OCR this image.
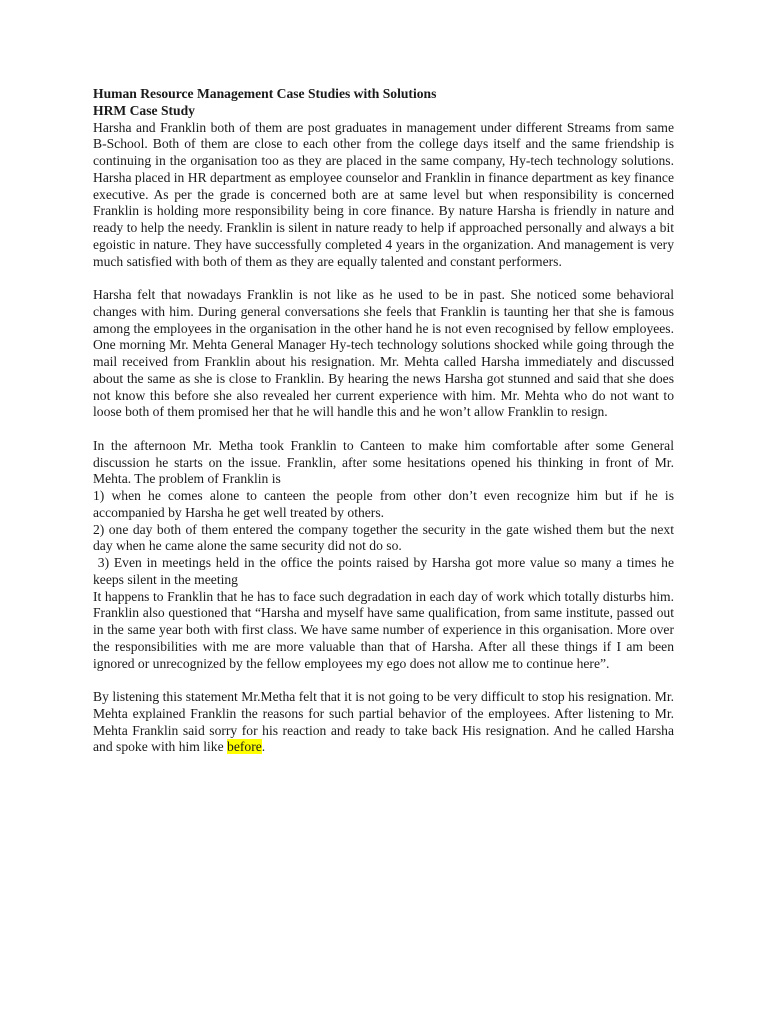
Human Resource Management Case Studies with Solutions

HRM Case Study

Harsha and Franklin both of them are post graduates in management under different Streams from same B-School. Both of them are close to each other from the college days itself and the same friendship is continuing in the organisation too as they are placed in the same company, Hy-tech technology solutions. Harsha placed in HR department as employee counselor and Franklin in finance department as key finance executive. As per the grade is concerned both are at same level but when responsibility is concerned Franklin is holding more responsibility being in core finance. By nature Harsha is friendly in nature and ready to help the needy. Franklin is silent in nature ready to help if approached personally and always a bit egoistic in nature. They have successfully completed 4 years in the organization. And management is very much satisfied with both of them as they are equally talented and constant performers.

Harsha felt that nowadays Franklin is not like as he used to be in past. She noticed some behavioral changes with him. During general conversations she feels that Franklin is taunting her that she is famous among the employees in the organisation in the other hand he is not even recognised by fellow employees. One morning Mr. Mehta General Manager Hy-tech technology solutions shocked while going through the mail received from Franklin about his resignation. Mr. Mehta called Harsha immediately and discussed about the same as she is close to Franklin. By hearing the news Harsha got stunned and said that she does not know this before she also revealed her current experience with him. Mr. Mehta who do not want to loose both of them promised her that he will handle this and he won’t allow Franklin to resign.

In the afternoon Mr. Metha took Franklin to Canteen to make him comfortable after some General discussion he starts on the issue. Franklin, after some hesitations opened his thinking in front of Mr. Mehta. The problem of Franklin is

1) when he comes alone to canteen the people from other don’t even recognize him but if he is accompanied by Harsha he get well treated by others.

2) one day both of them entered the company together the security in the gate wished them but the next day when he came alone the same security did not do so.

3) Even in meetings held in the office the points raised by Harsha got more value so many a times he keeps silent in the meeting

It happens to Franklin that he has to face such degradation in each day of work which totally disturbs him. Franklin also questioned that “Harsha and myself have same qualification, from same institute, passed out in the same year both with first class. We have same number of experience in this organisation. More over the responsibilities with me are more valuable than that of Harsha. After all these things if I am been ignored or unrecognized by the fellow employees my ego does not allow me to continue here”.

By listening this statement Mr.Metha felt that it is not going to be very difficult to stop his resignation. Mr. Mehta explained Franklin the reasons for such partial behavior of the employees. After listening to Mr. Mehta Franklin said sorry for his reaction and ready to take back His resignation. And he called Harsha and spoke with him like before.
